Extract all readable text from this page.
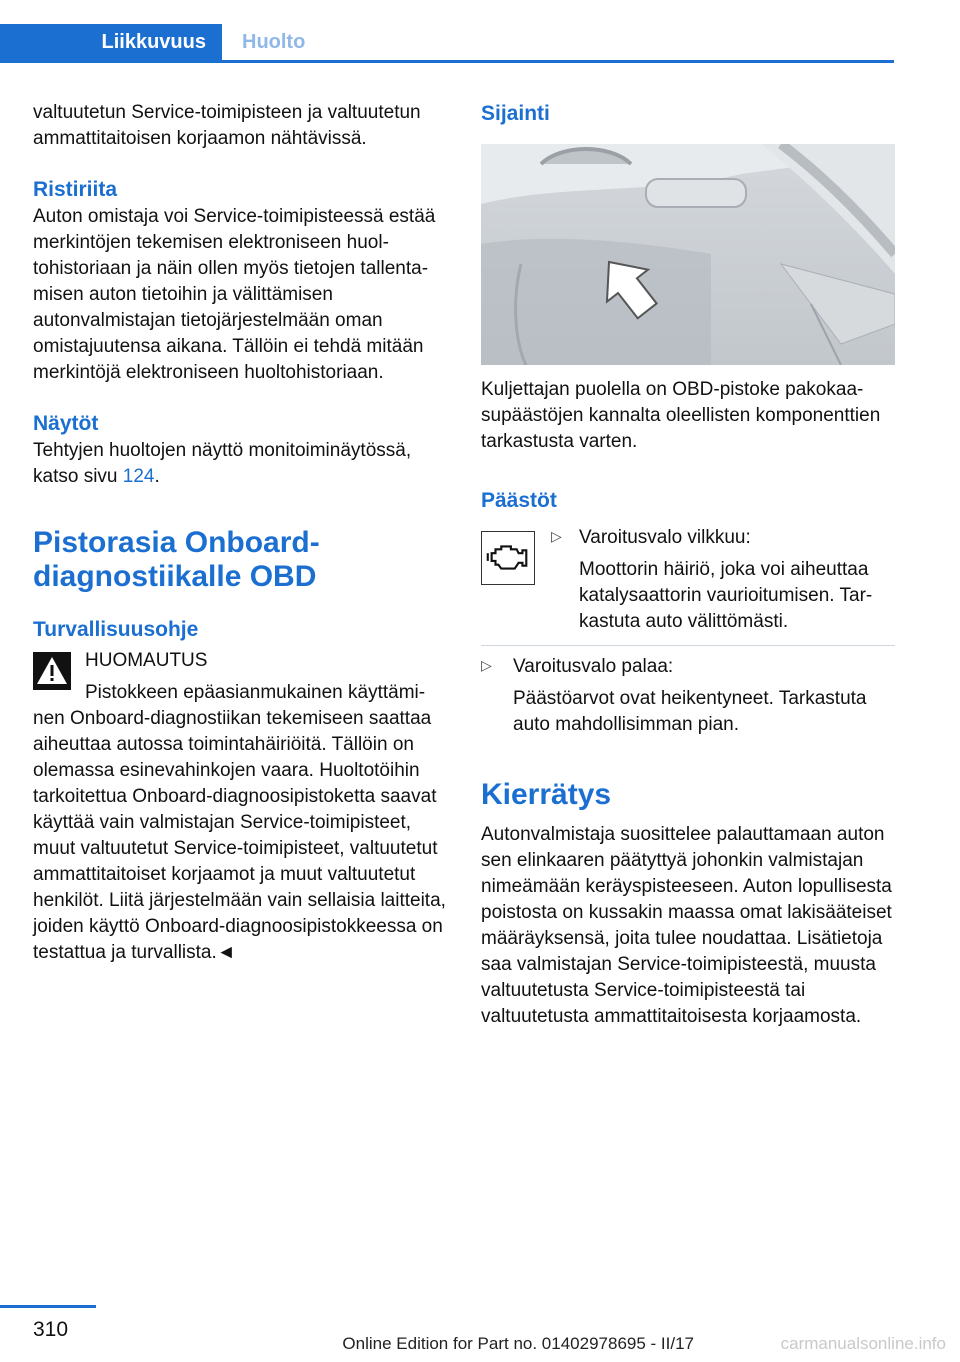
Liikkuvuus	Huolto

valtuutetun Service-toimipisteen ja valtuutetun ammattitaitoisen korjaamon nähtävissä.

Ristiriita

Auton omistaja voi Service-toimipisteessä estää merkintöjen tekemisen elektroniseen huoltohistoriaan ja näin ollen myös tietojen tallentamisen auton tietoihin ja välittämisen autonvalmistajan tietojärjestelmään oman omistajuutensa aikana. Tällöin ei tehdä mitään merkintöjä elektroniseen huoltohistoriaan.

Näytöt

Tehtyjen huoltojen näyttö monitoiminäytössä, katso sivu 124.

Pistorasia Onboard-diagnostiikalle OBD
Turvallisuusohje

HUOMAUTUS

Pistokkeen epäasianmukainen käyttäminen Onboard-diagnostiikan tekemiseen saattaa aiheuttaa autossa toimintahäiriöitä. Tällöin on olemassa esinevahinkojen vaara. Huoltotöihin tarkoitettua Onboard-diagnoosipistoketta saavat käyttää vain valmistajan Service-toimipisteet, muut valtuutetut Service-toimipisteet, valtuutetut ammattitaitoiset korjaamot ja muut valtuutetut henkilöt. Liitä järjestelmään vain sellaisia laitteita, joiden käyttö Onboard-diagnoosipistokkeessa on testattua ja turvallista.◄

Sijainti

Kuljettajan puolella on OBD-pistoke pakokaasupäästöjen kannalta oleellisten komponenttien tarkastusta varten.

Päästöt
▷ Varoitusvalo vilkkuu:

Moottorin häiriö, joka voi aiheuttaa katalysaattorin vaurioitumisen. Tarkastuta auto välittömästi.

▷	Varoitusvalo palaa:

Päästöarvot ovat heikentyneet. Tarkastuta auto mahdollisimman pian.

Kierrätys

Autonvalmistaja suosittelee palauttamaan auton sen elinkaaren päätyttyä johonkin valmistajan nimeämään keräyspisteeseen. Auton lopullisesta poistosta on kussakin maassa omat lakisääteiset määräyksensä, joita tulee noudattaa. Lisätietoja saa valmistajan Service-toimipisteestä, muusta valtuutetusta Service-toimipisteestä tai valtuutetusta ammattitaitoisesta korjaamosta.

310
Online Edition for Part no. 01402978695 - II/17	carmanualsonline.info
